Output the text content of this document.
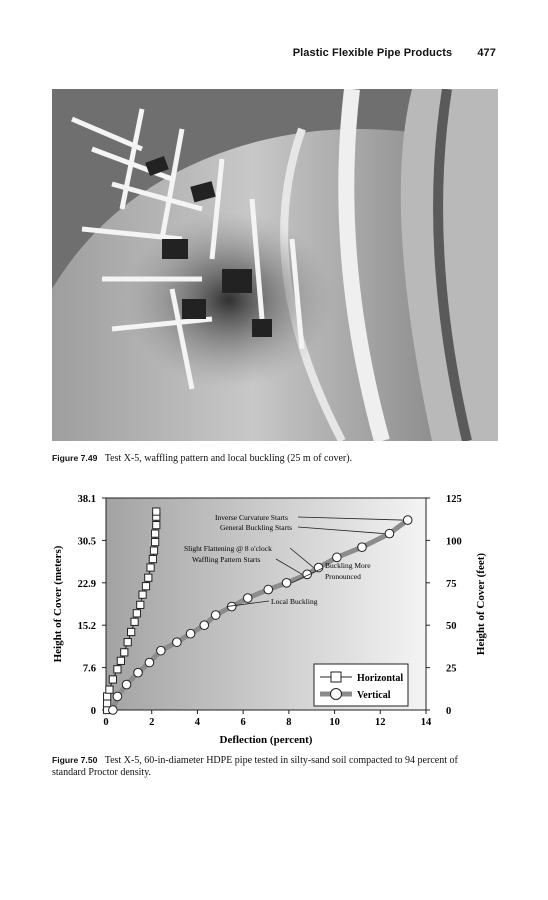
Plastic Flexible Pipe Products 477
Figure 7.49 Test X-5, waffling pattern and local buckling (25 m of cover).
0	2	4	6	8	10	12	14
0
7.6
15.2
22.9
30.5
38.1
0
25
50
75
100
125
Inverse Curvature Starts
General Buckling Starts
Slight Flattening @ 8 o'clock
Waffling Pattern Starts
Buckling More
Pronounced
Local Buckling
Height of Cover (meters)	Height of Cover (feet)
Deflection (percent)
Horizontal
Vertical
Figure 7.50 Test X-5, 60-in-diameter HDPE pipe tested in silty-sand soil compacted to 94 percent of standard Proctor density.
